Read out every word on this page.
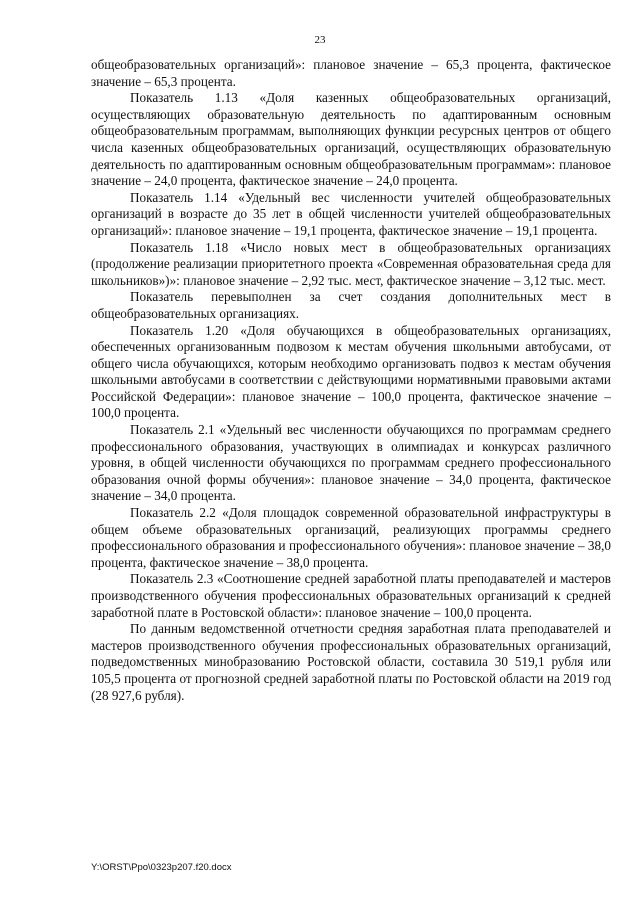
23

общеобразовательных организаций»: плановое значение – 65,3 процента, фактическое значение – 65,3 процента.

Показатель 1.13 «Доля казенных общеобразовательных организаций, осуществляющих образовательную деятельность по адаптированным основным общеобразовательным программам, выполняющих функции ресурсных центров от общего числа казенных общеобразовательных организаций, осуществляющих образовательную деятельность по адаптированным основным общеобразовательным программам»: плановое значение – 24,0 процента, фактическое значение – 24,0 процента.

Показатель 1.14 «Удельный вес численности учителей общеобразовательных организаций в возрасте до 35 лет в общей численности учителей общеобразовательных организаций»: плановое значение – 19,1 процента, фактическое значение – 19,1 процента.

Показатель 1.18 «Число новых мест в общеобразовательных организациях (продолжение реализации приоритетного проекта «Современная образовательная среда для школьников»)»: плановое значение – 2,92 тыс. мест, фактическое значение – 3,12 тыс. мест.

Показатель перевыполнен за счет создания дополнительных мест в общеобразовательных организациях.

Показатель 1.20 «Доля обучающихся в общеобразовательных организациях, обеспеченных организованным подвозом к местам обучения школьными автобусами, от общего числа обучающихся, которым необходимо организовать подвоз к местам обучения школьными автобусами в соответствии с действующими нормативными правовыми актами Российской Федерации»: плановое значение – 100,0 процента, фактическое значение – 100,0 процента.

Показатель 2.1 «Удельный вес численности обучающихся по программам среднего профессионального образования, участвующих в олимпиадах и конкурсах различного уровня, в общей численности обучающихся по программам среднего профессионального образования очной формы обучения»: плановое значение – 34,0 процента, фактическое значение – 34,0 процента.

Показатель 2.2 «Доля площадок современной образовательной инфраструктуры в общем объеме образовательных организаций, реализующих программы среднего профессионального образования и профессионального обучения»: плановое значение – 38,0 процента, фактическое значение – 38,0 процента.

Показатель 2.3 «Соотношение средней заработной платы преподавателей и мастеров производственного обучения профессиональных образовательных организаций к средней заработной плате в Ростовской области»: плановое значение – 100,0 процента.

По данным ведомственной отчетности средняя заработная плата преподавателей и мастеров производственного обучения профессиональных образовательных организаций, подведомственных минобразованию Ростовской области, составила 30 519,1 рубля или 105,5 процента от прогнозной средней заработной платы по Ростовской области на 2019 год (28 927,6 рубля).

Y:\ORST\Ppo\0323p207.f20.docx
